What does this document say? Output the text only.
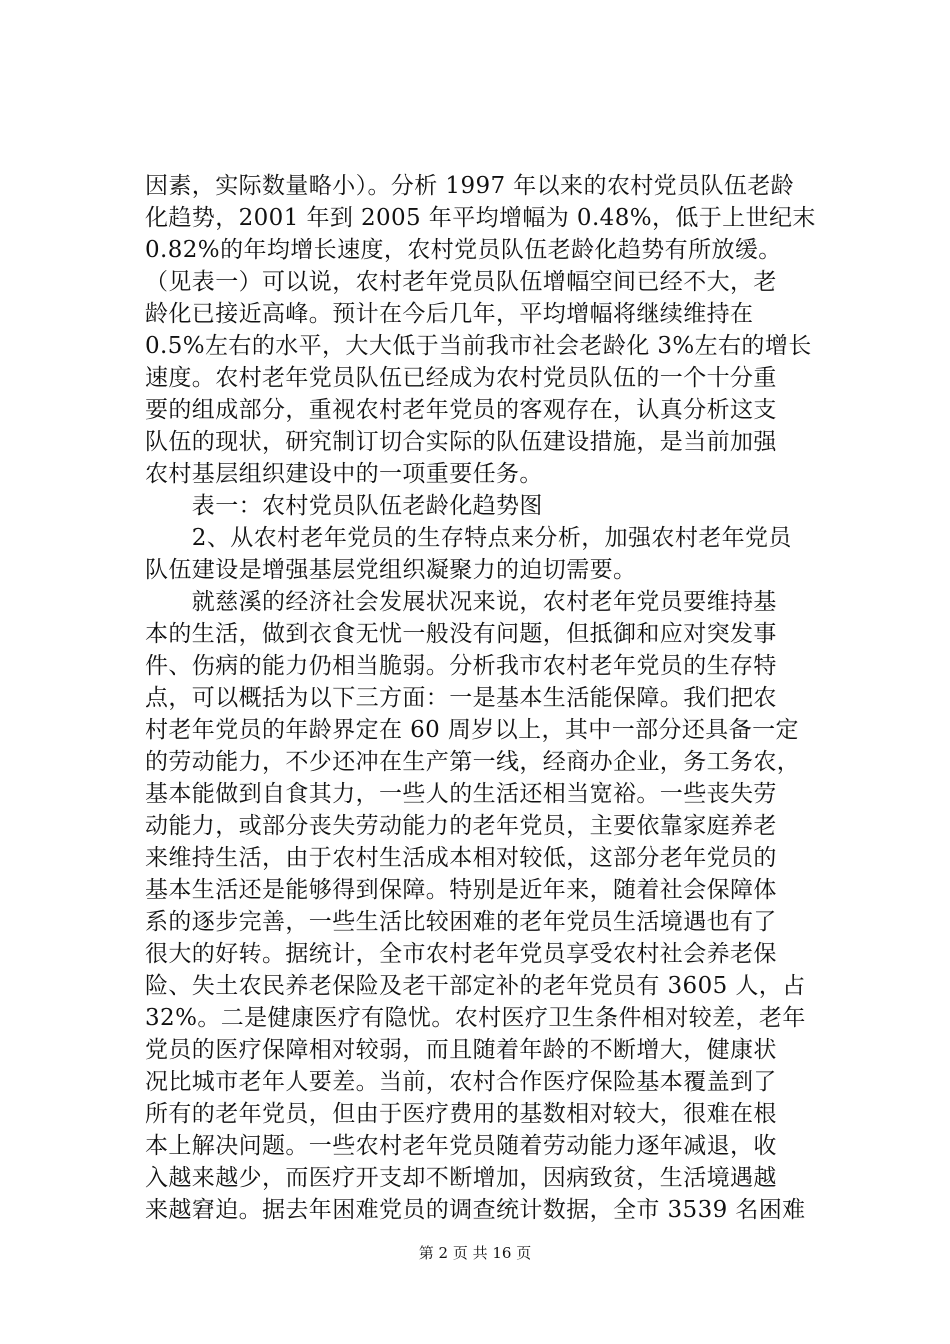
因素，实际数量略小）。分析 1997 年以来的农村党员队伍老龄
化趋势，2001 年到 2005 年平均增幅为 0.48%，低于上世纪末
0.82%的年均增长速度，农村党员队伍老龄化趋势有所放缓。
（见表一）可以说，农村老年党员队伍增幅空间已经不大，老
龄化已接近高峰。预计在今后几年，平均增幅将继续维持在
0.5%左右的水平，大大低于当前我市社会老龄化 3%左右的增长
速度。农村老年党员队伍已经成为农村党员队伍的一个十分重
要的组成部分，重视农村老年党员的客观存在，认真分析这支
队伍的现状，研究制订切合实际的队伍建设措施，是当前加强
农村基层组织建设中的一项重要任务。
　　表一：农村党员队伍老龄化趋势图
　　2、从农村老年党员的生存特点来分析，加强农村老年党员
队伍建设是增强基层党组织凝聚力的迫切需要。
　　就慈溪的经济社会发展状况来说，农村老年党员要维持基
本的生活，做到衣食无忧一般没有问题，但抵御和应对突发事
件、伤病的能力仍相当脆弱。分析我市农村老年党员的生存特
点，可以概括为以下三方面：一是基本生活能保障。我们把农
村老年党员的年龄界定在 60 周岁以上，其中一部分还具备一定
的劳动能力，不少还冲在生产第一线，经商办企业，务工务农，
基本能做到自食其力，一些人的生活还相当宽裕。一些丧失劳
动能力，或部分丧失劳动能力的老年党员，主要依靠家庭养老
来维持生活，由于农村生活成本相对较低，这部分老年党员的
基本生活还是能够得到保障。特别是近年来，随着社会保障体
系的逐步完善，一些生活比较困难的老年党员生活境遇也有了
很大的好转。据统计，全市农村老年党员享受农村社会养老保
险、失土农民养老保险及老干部定补的老年党员有 3605 人，占
32%。二是健康医疗有隐忧。农村医疗卫生条件相对较差，老年
党员的医疗保障相对较弱，而且随着年龄的不断增大，健康状
况比城市老年人要差。当前，农村合作医疗保险基本覆盖到了
所有的老年党员，但由于医疗费用的基数相对较大，很难在根
本上解决问题。一些农村老年党员随着劳动能力逐年减退，收
入越来越少，而医疗开支却不断增加，因病致贫，生活境遇越
来越窘迫。据去年困难党员的调查统计数据，全市 3539 名困难
第 2 页 共 16 页
